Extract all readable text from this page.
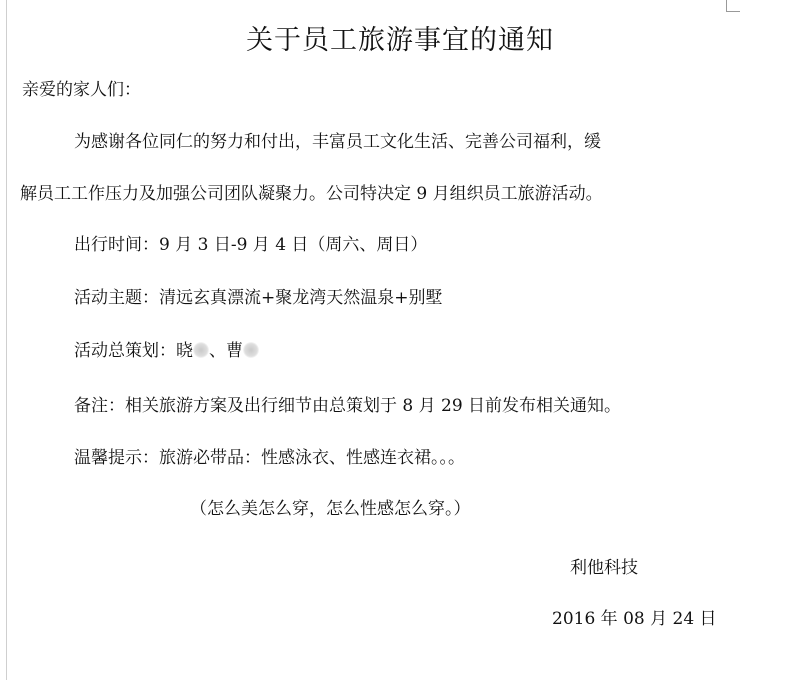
关于员工旅游事宜的通知
亲爱的家人们：
为感谢各位同仁的努力和付出，丰富员工文化生活、完善公司福利，缓
解员工工作压力及加强公司团队凝聚力。公司特决定 9 月组织员工旅游活动。
出行时间：9 月 3 日-9 月 4 日（周六、周日）
活动主题：清远玄真漂流+聚龙湾天然温泉+别墅
活动总策划：晓 、曹
备注：相关旅游方案及出行细节由总策划于 8 月 29 日前发布相关通知。
温馨提示：旅游必带品：性感泳衣、性感连衣裙。。。
（怎么美怎么穿，怎么性感怎么穿。）
利他科技
2016 年 08 月 24 日
